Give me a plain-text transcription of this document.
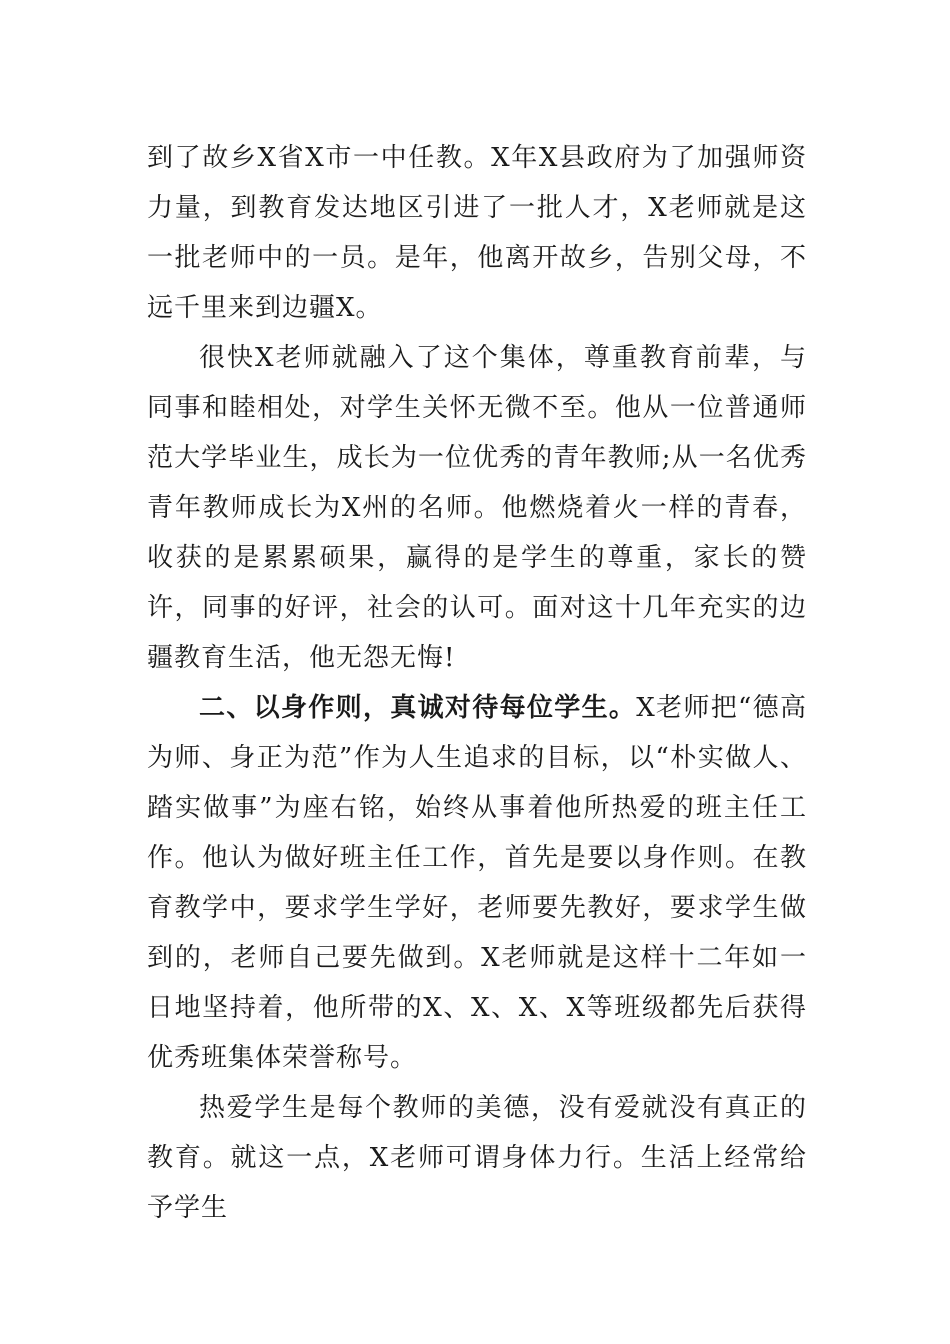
到了故乡X省X市一中任教。X年X县政府为了加强师资力量，到教育发达地区引进了一批人才，X老师就是这一批老师中的一员。是年，他离开故乡，告别父母，不远千里来到边疆X。

很快X老师就融入了这个集体，尊重教育前辈，与同事和睦相处，对学生关怀无微不至。他从一位普通师范大学毕业生，成长为一位优秀的青年教师;从一名优秀青年教师成长为X州的名师。他燃烧着火一样的青春，收获的是累累硕果，赢得的是学生的尊重，家长的赞许，同事的好评，社会的认可。面对这十几年充实的边疆教育生活，他无怨无悔!

二、以身作则，真诚对待每位学生。X老师把“德高为师、身正为范”作为人生追求的目标，以“朴实做人、踏实做事”为座右铭，始终从事着他所热爱的班主任工作。他认为做好班主任工作，首先是要以身作则。在教育教学中，要求学生学好，老师要先教好，要求学生做到的，老师自己要先做到。X老师就是这样十二年如一日地坚持着，他所带的X、X、X、X等班级都先后获得优秀班集体荣誉称号。

热爱学生是每个教师的美德，没有爱就没有真正的教育。就这一点，X老师可谓身体力行。生活上经常给予学生
